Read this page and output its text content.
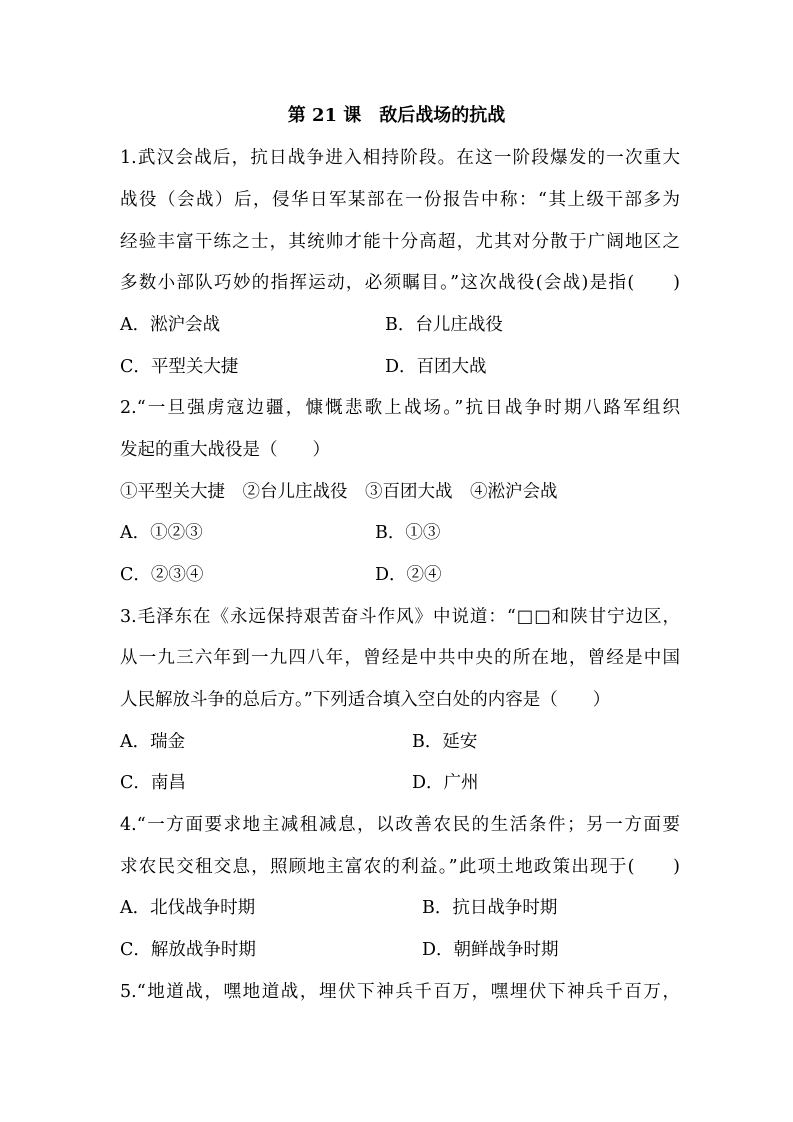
第 21 课　敌后战场的抗战
1.武汉会战后，抗日战争进入相持阶段。在这一阶段爆发的一次重大
战役（会战）后，侵华日军某部在一份报告中称：“其上级干部多为
经验丰富干练之士，其统帅才能十分高超，尤其对分散于广阔地区之
多数小部队巧妙的指挥运动，必须瞩目。”这次战役(会战)是指(　　)
A．淞沪会战	B．台儿庄战役
C．平型关大捷	D．百团大战
2.“一旦强虏寇边疆，慷慨悲歌上战场。”抗日战争时期八路军组织
发起的重大战役是（　　）
①平型关大捷　②台儿庄战役　③百团大战　④淞沪会战
A．①②③	B．①③
C．②③④	D．②④
3.毛泽东在《永远保持艰苦奋斗作风》中说道：“□□和陕甘宁边区，
从一九三六年到一九四八年，曾经是中共中央的所在地，曾经是中国
人民解放斗争的总后方。”下列适合填入空白处的内容是（　　）
A．瑞金	B．延安
C．南昌	D．广州
4.“一方面要求地主减租减息，以改善农民的生活条件；另一方面要
求农民交租交息，照顾地主富农的利益。”此项土地政策出现于(　　)
A．北伐战争时期	B．抗日战争时期
C．解放战争时期	D．朝鲜战争时期
5.“地道战，嘿地道战，埋伏下神兵千百万，嘿埋伏下神兵千百万，
